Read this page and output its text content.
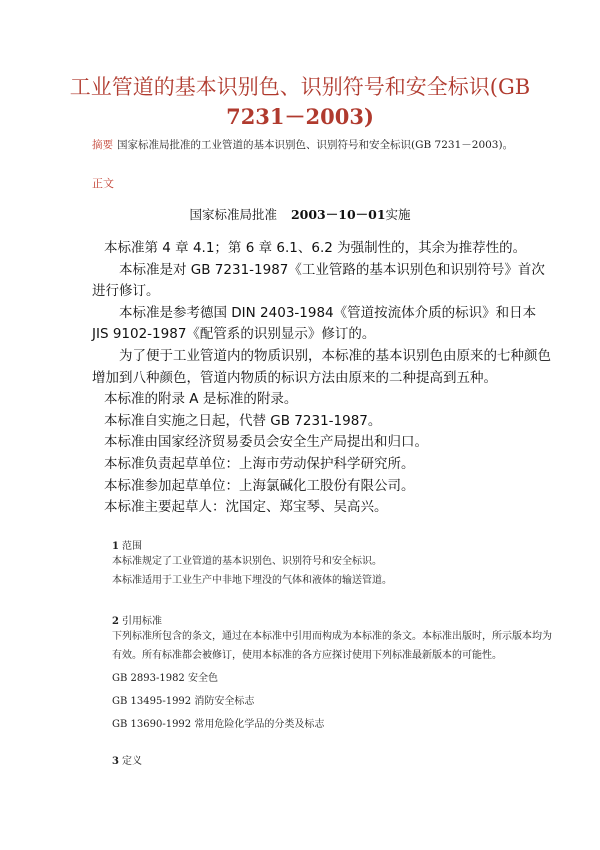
工业管道的基本识别色、识别符号和安全标识(GB
7231－2003)
摘要 国家标准局批准的工业管道的基本识别色、识别符号和安全标识(GB 7231－2003)。
正文
国家标准局批准 2003－10－01实施

本标准第 4 章 4.1；第 6 章 6.1、6.2 为强制性的，其余为推荐性的。

本标准是对 GB 7231-1987《工业管路的基本识别色和识别符号》首次进行修订。

本标准是参考德国 DIN 2403-1984《管道按流体介质的标识》和日本 JIS 9102-1987《配管系的识别显示》修订的。

为了便于工业管道内的物质识别，本标准的基本识别色由原来的七种颜色增加到八种颜色，管道内物质的标识方法由原来的二种提高到五种。

本标准的附录 A 是标准的附录。

本标准自实施之日起，代替 GB 7231-1987。

本标准由国家经济贸易委员会安全生产局提出和归口。

本标准负责起草单位：上海市劳动保护科学研究所。

本标准参加起草单位：上海氯碱化工股份有限公司。

本标准主要起草人：沈国定、郑宝琴、吴高兴。

1 范围

本标准规定了工业管道的基本识别色、识别符号和安全标识。

本标准适用于工业生产中非地下埋没的气体和液体的输送管道。

2 引用标准

下列标准所包含的条文，通过在本标准中引用而构成为本标准的条文。本标准出版时，所示版本均为有效。所有标准都会被修订，使用本标准的各方应探讨使用下列标准最新版本的可能性。

GB 2893-1982 安全色

GB 13495-1992 消防安全标志

GB 13690-1992 常用危险化学品的分类及标志

3 定义
